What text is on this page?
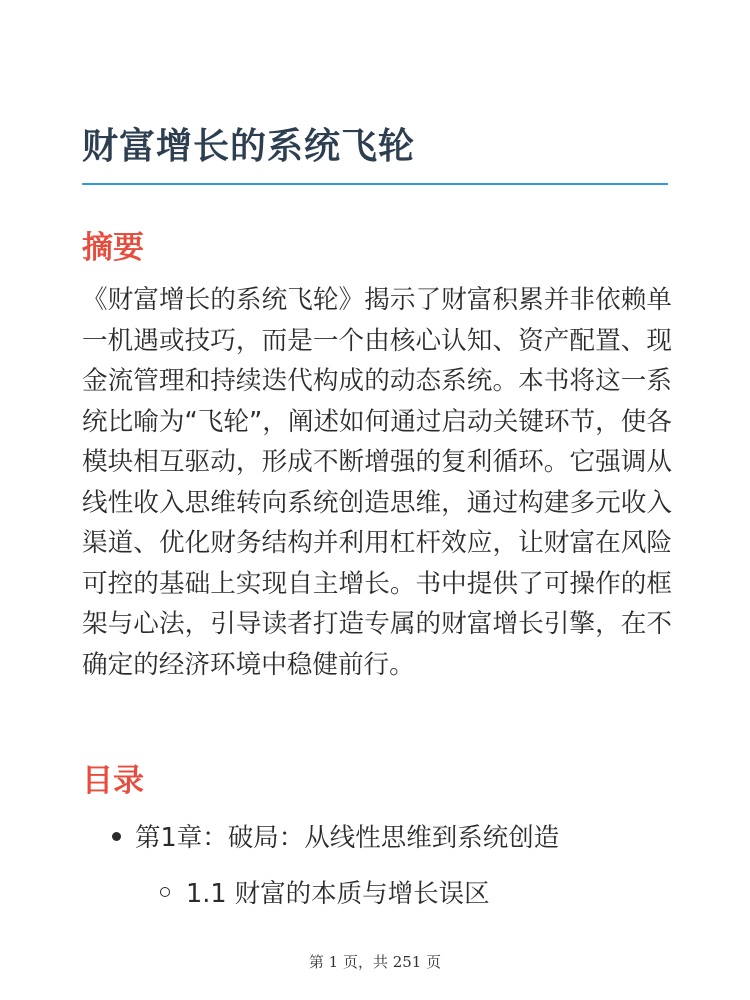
财富增长的系统飞轮
摘要

《财富增长的系统飞轮》揭示了财富积累并非依赖单一机遇或技巧，而是一个由核心认知、资产配置、现金流管理和持续迭代构成的动态系统。本书将这一系统比喻为“飞轮”，阐述如何通过启动关键环节，使各模块相互驱动，形成不断增强的复利循环。它强调从线性收入思维转向系统创造思维，通过构建多元收入渠道、优化财务结构并利用杠杆效应，让财富在风险可控的基础上实现自主增长。书中提供了可操作的框架与心法，引导读者打造专属的财富增长引擎，在不确定的经济环境中稳健前行。

目录
第1章：破局：从线性思维到系统创造
1.1 财富的本质与增长误区
第 1 页，共 251 页
